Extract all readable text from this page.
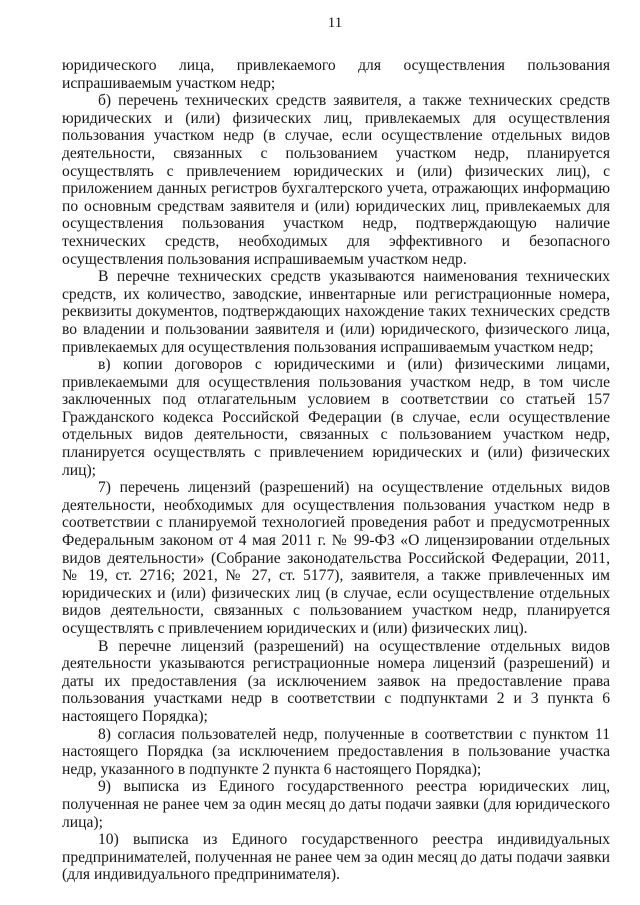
11

юридического лица, привлекаемого для осуществления пользования испрашиваемым участком недр;

б) перечень технических средств заявителя, а также технических средств юридических и (или) физических лиц, привлекаемых для осуществления пользования участком недр (в случае, если осуществление отдельных видов деятельности, связанных с пользованием участком недр, планируется осуществлять с привлечением юридических и (или) физических лиц), с приложением данных регистров бухгалтерского учета, отражающих информацию по основным средствам заявителя и (или) юридических лиц, привлекаемых для осуществления пользования участком недр, подтверждающую наличие технических средств, необходимых для эффективного и безопасного осуществления пользования испрашиваемым участком недр.

В перечне технических средств указываются наименования технических средств, их количество, заводские, инвентарные или регистрационные номера, реквизиты документов, подтверждающих нахождение таких технических средств во владении и пользовании заявителя и (или) юридического, физического лица, привлекаемых для осуществления пользования испрашиваемым участком недр;

в) копии договоров с юридическими и (или) физическими лицами, привлекаемыми для осуществления пользования участком недр, в том числе заключенных под отлагательным условием в соответствии со статьей 157 Гражданского кодекса Российской Федерации (в случае, если осуществление отдельных видов деятельности, связанных с пользованием участком недр, планируется осуществлять с привлечением юридических и (или) физических лиц);

7) перечень лицензий (разрешений) на осуществление отдельных видов деятельности, необходимых для осуществления пользования участком недр в соответствии с планируемой технологией проведения работ и предусмотренных Федеральным законом от 4 мая 2011 г. № 99-ФЗ «О лицензировании отдельных видов деятельности» (Собрание законодательства Российской Федерации, 2011, № 19, ст. 2716; 2021, № 27, ст. 5177), заявителя, а также привлеченных им юридических и (или) физических лиц (в случае, если осуществление отдельных видов деятельности, связанных с пользованием участком недр, планируется осуществлять с привлечением юридических и (или) физических лиц).

В перечне лицензий (разрешений) на осуществление отдельных видов деятельности указываются регистрационные номера лицензий (разрешений) и даты их предоставления (за исключением заявок на предоставление права пользования участками недр в соответствии с подпунктами 2 и 3 пункта 6 настоящего Порядка);

8) согласия пользователей недр, полученные в соответствии с пунктом 11 настоящего Порядка (за исключением предоставления в пользование участка недр, указанного в подпункте 2 пункта 6 настоящего Порядка);

9) выписка из Единого государственного реестра юридических лиц, полученная не ранее чем за один месяц до даты подачи заявки (для юридического лица);

10) выписка из Единого государственного реестра индивидуальных предпринимателей, полученная не ранее чем за один месяц до даты подачи заявки (для индивидуального предпринимателя).
